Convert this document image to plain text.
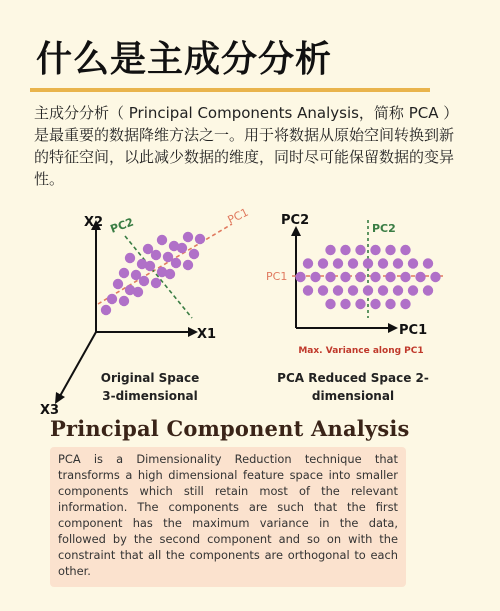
什么是主成分分析

主成分分析（ Principal Components Analysis，简称 PCA ）是最重要的数据降维方法之一。用于将数据从原始空间转换到新的特征空间，以此减少数据的维度，同时尽可能保留数据的变异性。

X2
X1
X3
PC1
PC2
Original Space
3-dimensional
PC2
PC1
PC1
PC2
Max. Variance along PC1
PCA Reduced Space 2-
dimensional
Principal Component Analysis

PCA is a Dimensionality Reduction technique that transforms a high dimensional feature space into smaller components which still retain most of the relevant information. The components are such that the first component has the maximum variance in the data, followed by the second component and so on with the constraint that all the components are orthogonal to each other.
